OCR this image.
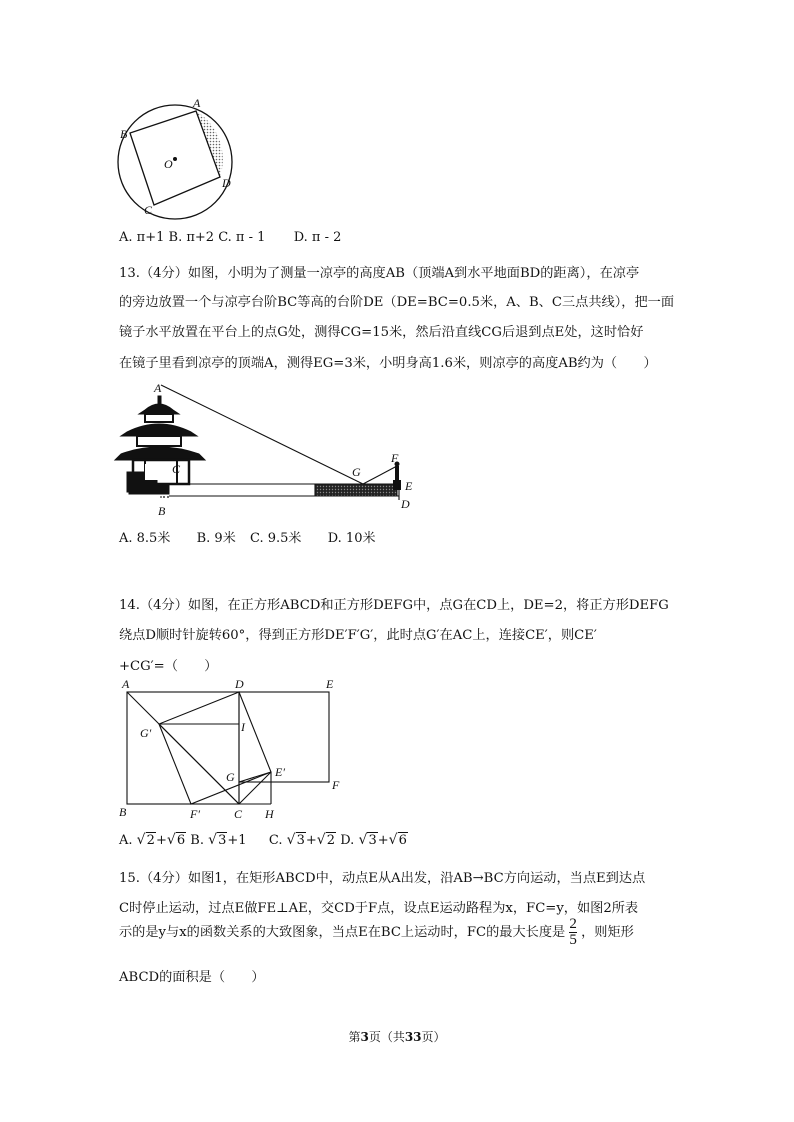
A
B
O
D
C
A. π+1 B. π+2 C. π - 1 D. π - 2
13.（4分）如图，小明为了测量一凉亭的高度AB（顶端A到水平地面BD的距离），在凉亭
的旁边放置一个与凉亭台阶BC等高的台阶DE（DE=BC=0.5米，A、B、C三点共线），把一面
镜子水平放置在平台上的点G处，测得CG=15米，然后沿直线CG后退到点E处，这时恰好
在镜子里看到凉亭的顶端A，测得EG=3米，小明身高1.6米，则凉亭的高度AB约为（　　）
A
C
B
G
F
E
D
A. 8.5米 B. 9米 C. 9.5米 D. 10米
14.（4分）如图，在正方形ABCD和正方形DEFG中，点G在CD上，DE=2，将正方形DEFG
绕点D顺时针旋转60°，得到正方形DE′F′G′，此时点G′在AC上，连接CE′，则CE′
+CG′=（　　）
A	D	E
G′	I
G	E′
F
B	F′	C H
A. √ 2+ √ 6 B. √ 3+1 C. √ 3+ √ 2 D. √ 3+ √ 6
15.（4分）如图1，在矩形ABCD中，动点E从A出发，沿AB→BC方向运动，当点E到达点
C时停止运动，过点E做FE⊥AE，交CD于F点，设点E运动路程为x，FC=y，如图2所表
示的是y与x的函数关系的大致图象，当点E在BC上运动时，FC的最大长度是 $\frac{2}{5}$ ，则矩形
ABCD的面积是（　　）
第3页（共33页）
